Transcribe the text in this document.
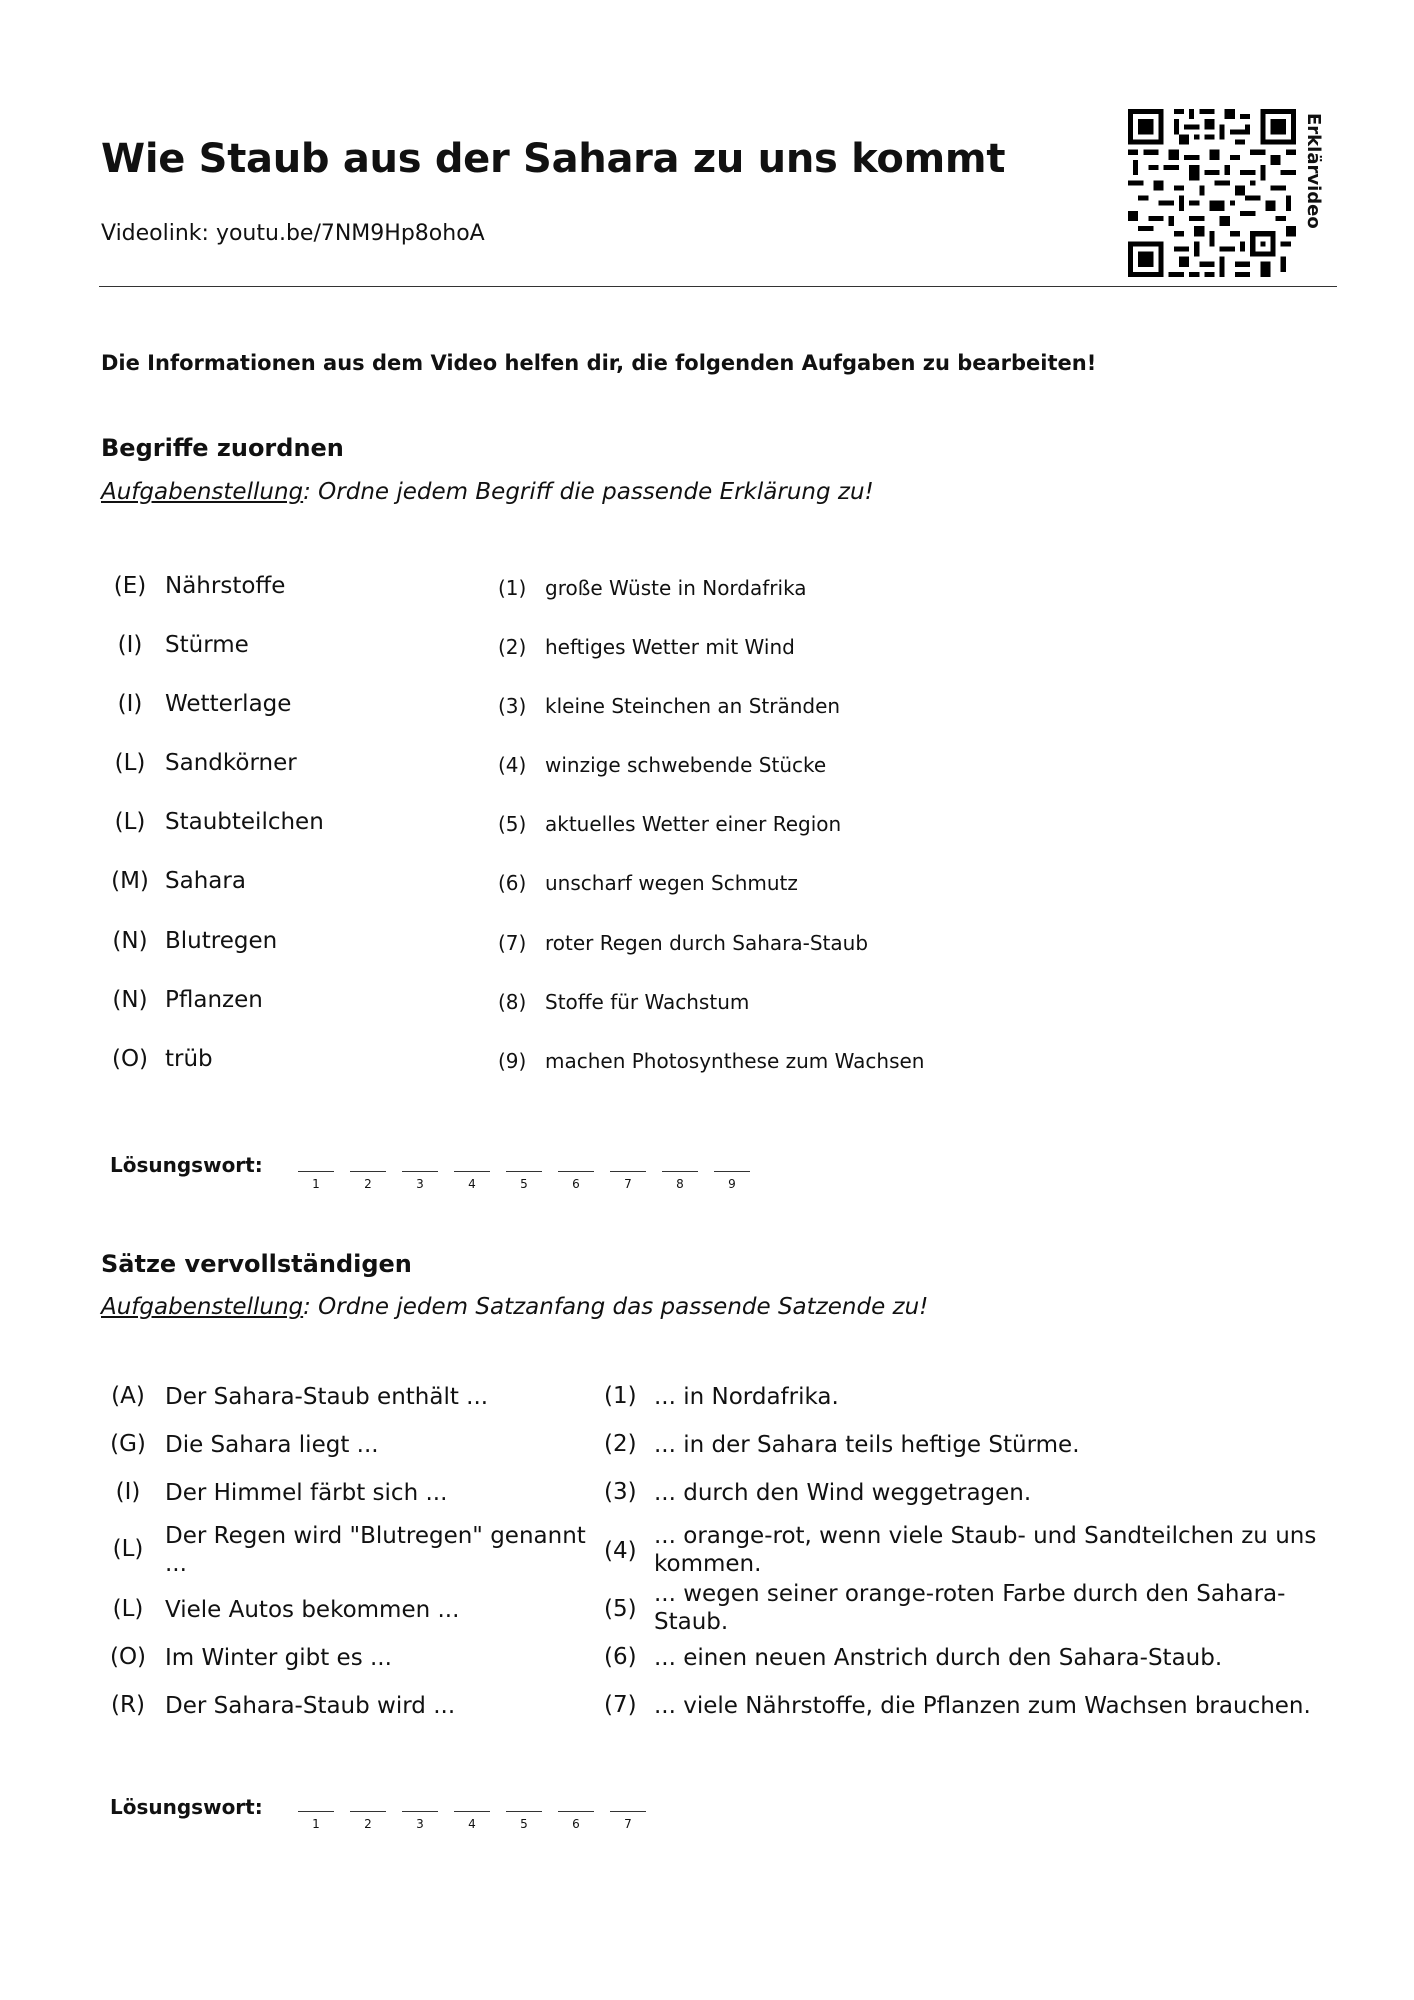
Wie Staub aus der Sahara zu uns kommt
Videolink: youtu.be/7NM9Hp8ohoA
Erklärvideo
Die Informationen aus dem Video helfen dir, die folgenden Aufgaben zu bearbeiten!
Begriffe zuordnen
Aufgabenstellung: Ordne jedem Begriff die passende Erklärung zu!
(E) Nährstoffe	(1) große Wüste in Nordafrika
(I) Stürme	(2) heftiges Wetter mit Wind
(I) Wetterlage	(3) kleine Steinchen an Stränden
(L) Sandkörner	(4) winzige schwebende Stücke
(L) Staubteilchen	(5) aktuelles Wetter einer Region
(M) Sahara	(6) unscharf wegen Schmutz
(N) Blutregen	(7) roter Regen durch Sahara-Staub
(N) Pflanzen	(8) Stoffe für Wachstum
(O) trüb	(9) machen Photosynthese zum Wachsen
Lösungswort:
1	2	3	4	5	6	7	8	9
Sätze vervollständigen
Aufgabenstellung: Ordne jedem Satzanfang das passende Satzende zu!
(A) Der Sahara-Staub enthält ...	(1) ... in Nordafrika.
(G) Die Sahara liegt ...	(2) ... in der Sahara teils heftige Stürme.
(I)	Der Himmel färbt sich ...	(3) ... durch den Wind weggetragen.
(L) Der Regen wird "Blutregen" genannt ...	(4)
... orange-rot, wenn viele Staub- und Sandteilchen zu uns kommen.
(L) Viele Autos bekommen ...	(5)
... wegen seiner orange-roten Farbe durch den Sahara-Staub.
(O) Im Winter gibt es ...	(6) ... einen neuen Anstrich durch den Sahara-Staub.
(R) Der Sahara-Staub wird ...	(7) ... viele Nährstoffe, die Pflanzen zum Wachsen brauchen.
Lösungswort:
1	2	3	4	5	6	7
